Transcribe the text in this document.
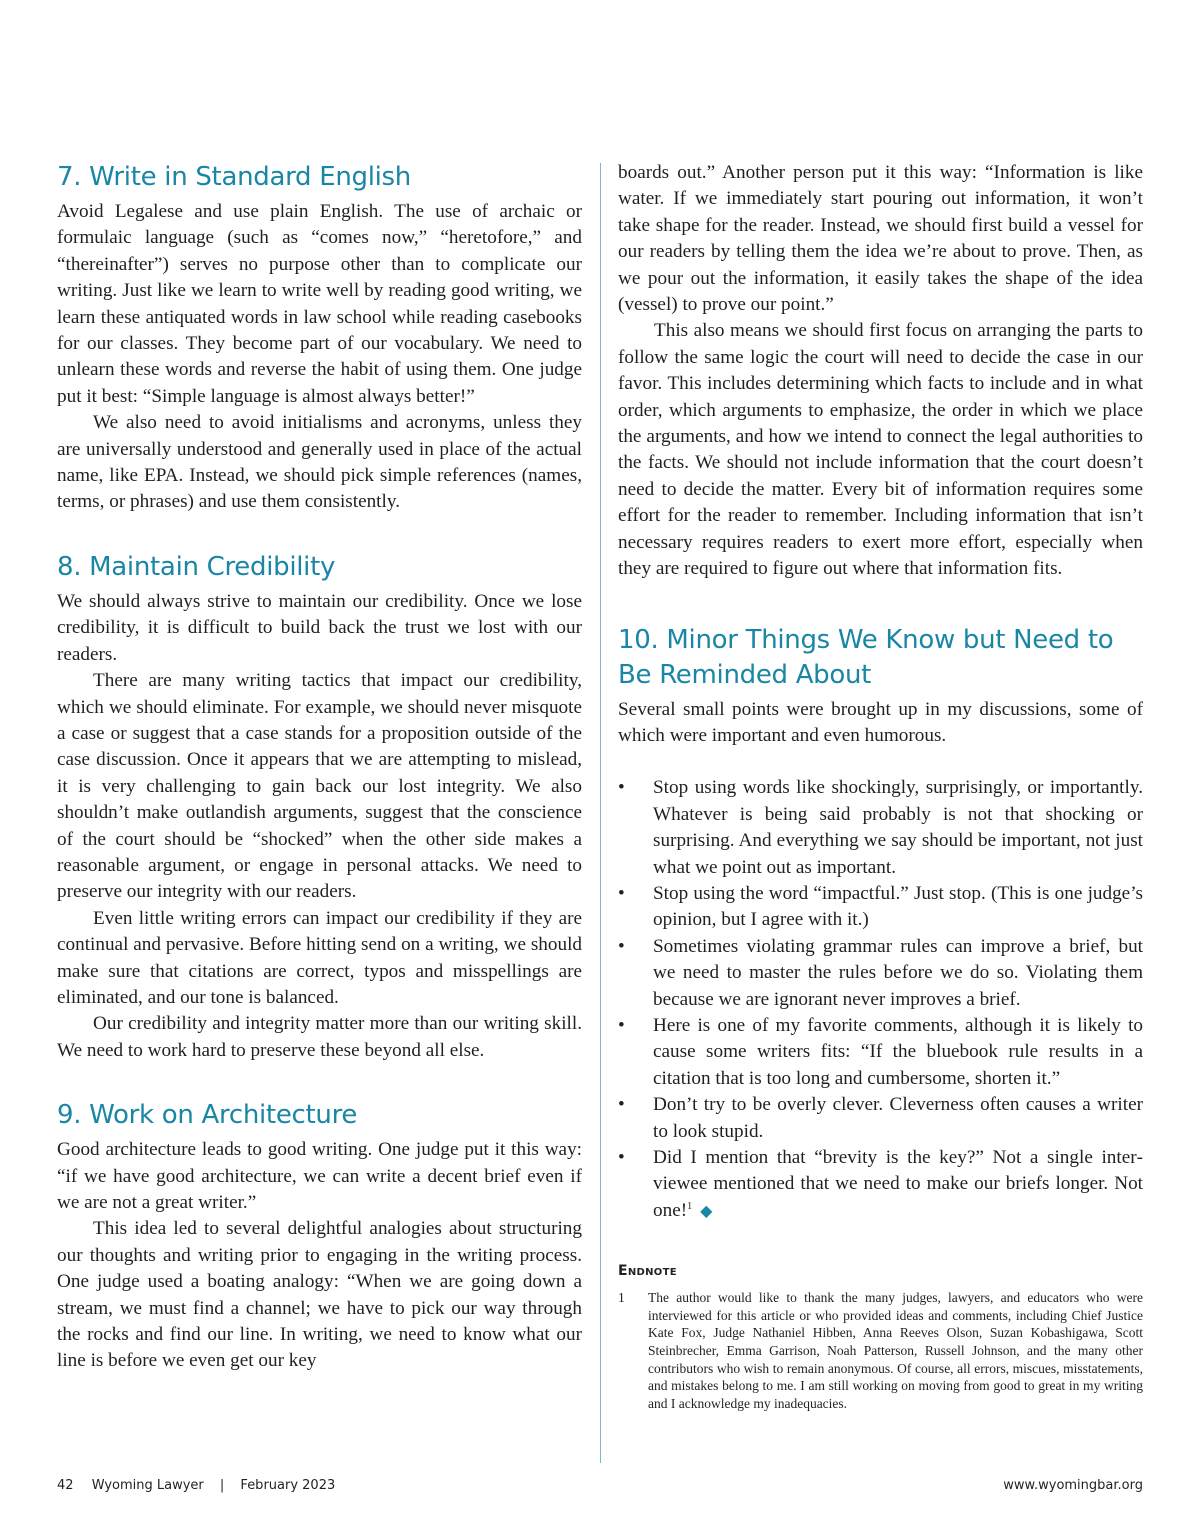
7. Write in Standard English

Avoid Legalese and use plain English. The use of archaic or formulaic language (such as “comes now,” “heretofore,” and “thereinafter”) serves no purpose other than to complicate our writing. Just like we learn to write well by reading good writing, we learn these antiquated words in law school while reading casebooks for our classes. They become part of our vocabulary. We need to unlearn these words and reverse the habit of using them. One judge put it best: “Simple language is almost always better!”

We also need to avoid initialisms and acronyms, unless they are universally understood and generally used in place of the actual name, like EPA. Instead, we should pick simple references (names, terms, or phrases) and use them consistently.

8. Maintain Credibility

We should always strive to maintain our credibility. Once we lose credibility, it is difficult to build back the trust we lost with our readers.

There are many writing tactics that impact our credibility, which we should eliminate. For example, we should never misquote a case or suggest that a case stands for a proposition outside of the case discussion. Once it appears that we are attempting to mislead, it is very challenging to gain back our lost integrity. We also shouldn’t make outlandish arguments, suggest that the conscience of the court should be “shocked” when the other side makes a reasonable argument, or engage in personal attacks. We need to preserve our integrity with our readers.

Even little writing errors can impact our credibility if they are continual and pervasive. Before hitting send on a writing, we should make sure that citations are correct, typos and misspellings are eliminated, and our tone is balanced.

Our credibility and integrity matter more than our writing skill. We need to work hard to preserve these beyond all else.

9. Work on Architecture

Good architecture leads to good writing. One judge put it this way: “if we have good architecture, we can write a decent brief even if we are not a great writer.”

This idea led to several delightful analogies about structuring our thoughts and writing prior to engaging in the writing process. One judge used a boating analogy: “When we are going down a stream, we must find a channel; we have to pick our way through the rocks and find our line. In writing, we need to know what our line is before we even get our key

boards out.” Another person put it this way: “Information is like water. If we immediately start pouring out information, it won’t take shape for the reader. Instead, we should first build a vessel for our readers by telling them the idea we’re about to prove. Then, as we pour out the information, it easily takes the shape of the idea (vessel) to prove our point.”

This also means we should first focus on arranging the parts to follow the same logic the court will need to decide the case in our favor. This includes determining which facts to include and in what order, which arguments to emphasize, the order in which we place the arguments, and how we intend to connect the legal authorities to the facts. We should not include information that the court doesn’t need to decide the matter. Every bit of information requires some effort for the reader to remember. Including information that isn’t necessary requires readers to exert more effort, especially when they are required to figure out where that information fits.

10. Minor Things We Know but Need to Be Reminded About

Several small points were brought up in my discussions, some of which were important and even humorous.

• Stop using words like shockingly, surprisingly, or importantly. Whatever is being said probably is not that shocking or surprising. And everything we say should be important, not just what we point out as important.
• Stop using the word “impactful.” Just stop. (This is one judge’s opinion, but I agree with it.)
• Sometimes violating grammar rules can improve a brief, but we need to master the rules before we do so. Violating them because we are ignorant never improves a brief.
• Here is one of my favorite comments, although it is likely to cause some writers fits: “If the bluebook rule results in a citation that is too long and cumbersome, shorten it.”
• Don’t try to be overly clever. Cleverness often causes a writer to look stupid.
• Did I mention that “brevity is the key?” Not a single interviewee mentioned that we need to make our briefs longer. Not one!$^1$ ◆
Endnote
1 The author would like to thank the many judges, lawyers, and educators who were interviewed for this article or who provided ideas and comments, including Chief Justice Kate Fox, Judge Nathaniel Hibben, Anna Reeves Olson, Suzan Kobashigawa, Scott Steinbrecher, Emma Garrison, Noah Patterson, Russell Johnson, and the many other contributors who wish to remain anonymous. Of course, all errors, miscues, misstatements, and mistakes belong to me. I am still working on moving from good to great in my writing and I acknowledge my inadequacies.
42 Wyoming Lawyer | February 2023	www.wyomingbar.org
